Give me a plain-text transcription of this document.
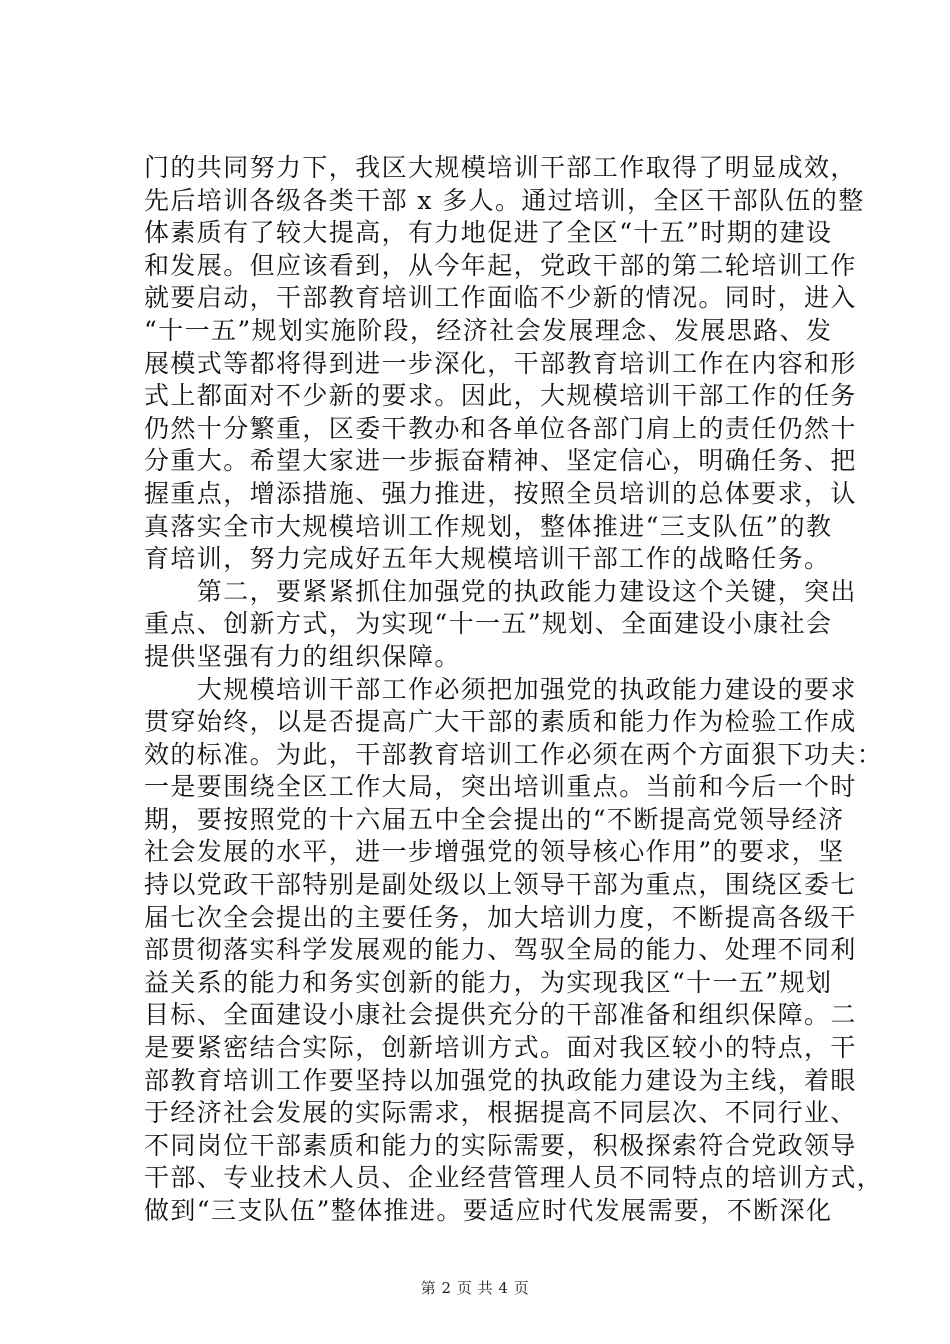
门的共同努力下，我区大规模培训干部工作取得了明显成效，
先后培训各级各类干部 x 多人。通过培训，全区干部队伍的整
体素质有了较大提高，有力地促进了全区“十五”时期的建设
和发展。但应该看到，从今年起，党政干部的第二轮培训工作
就要启动，干部教育培训工作面临不少新的情况。同时，进入
“十一五”规划实施阶段，经济社会发展理念、发展思路、发
展模式等都将得到进一步深化，干部教育培训工作在内容和形
式上都面对不少新的要求。因此，大规模培训干部工作的任务
仍然十分繁重，区委干教办和各单位各部门肩上的责任仍然十
分重大。希望大家进一步振奋精神、坚定信心，明确任务、把
握重点，增添措施、强力推进，按照全员培训的总体要求，认
真落实全市大规模培训工作规划，整体推进“三支队伍”的教
育培训，努力完成好五年大规模培训干部工作的战略任务。
　　第二，要紧紧抓住加强党的执政能力建设这个关键，突出
重点、创新方式，为实现“十一五”规划、全面建设小康社会
提供坚强有力的组织保障。
　　大规模培训干部工作必须把加强党的执政能力建设的要求
贯穿始终，以是否提高广大干部的素质和能力作为检验工作成
效的标准。为此，干部教育培训工作必须在两个方面狠下功夫：
一是要围绕全区工作大局，突出培训重点。当前和今后一个时
期，要按照党的十六届五中全会提出的“不断提高党领导经济
社会发展的水平，进一步增强党的领导核心作用”的要求，坚
持以党政干部特别是副处级以上领导干部为重点，围绕区委七
届七次全会提出的主要任务，加大培训力度，不断提高各级干
部贯彻落实科学发展观的能力、驾驭全局的能力、处理不同利
益关系的能力和务实创新的能力，为实现我区“十一五”规划
目标、全面建设小康社会提供充分的干部准备和组织保障。二
是要紧密结合实际，创新培训方式。面对我区较小的特点，干
部教育培训工作要坚持以加强党的执政能力建设为主线，着眼
于经济社会发展的实际需求，根据提高不同层次、不同行业、
不同岗位干部素质和能力的实际需要，积极探索符合党政领导
干部、专业技术人员、企业经营管理人员不同特点的培训方式，
做到“三支队伍”整体推进。要适应时代发展需要，不断深化
第 2 页 共 4 页
